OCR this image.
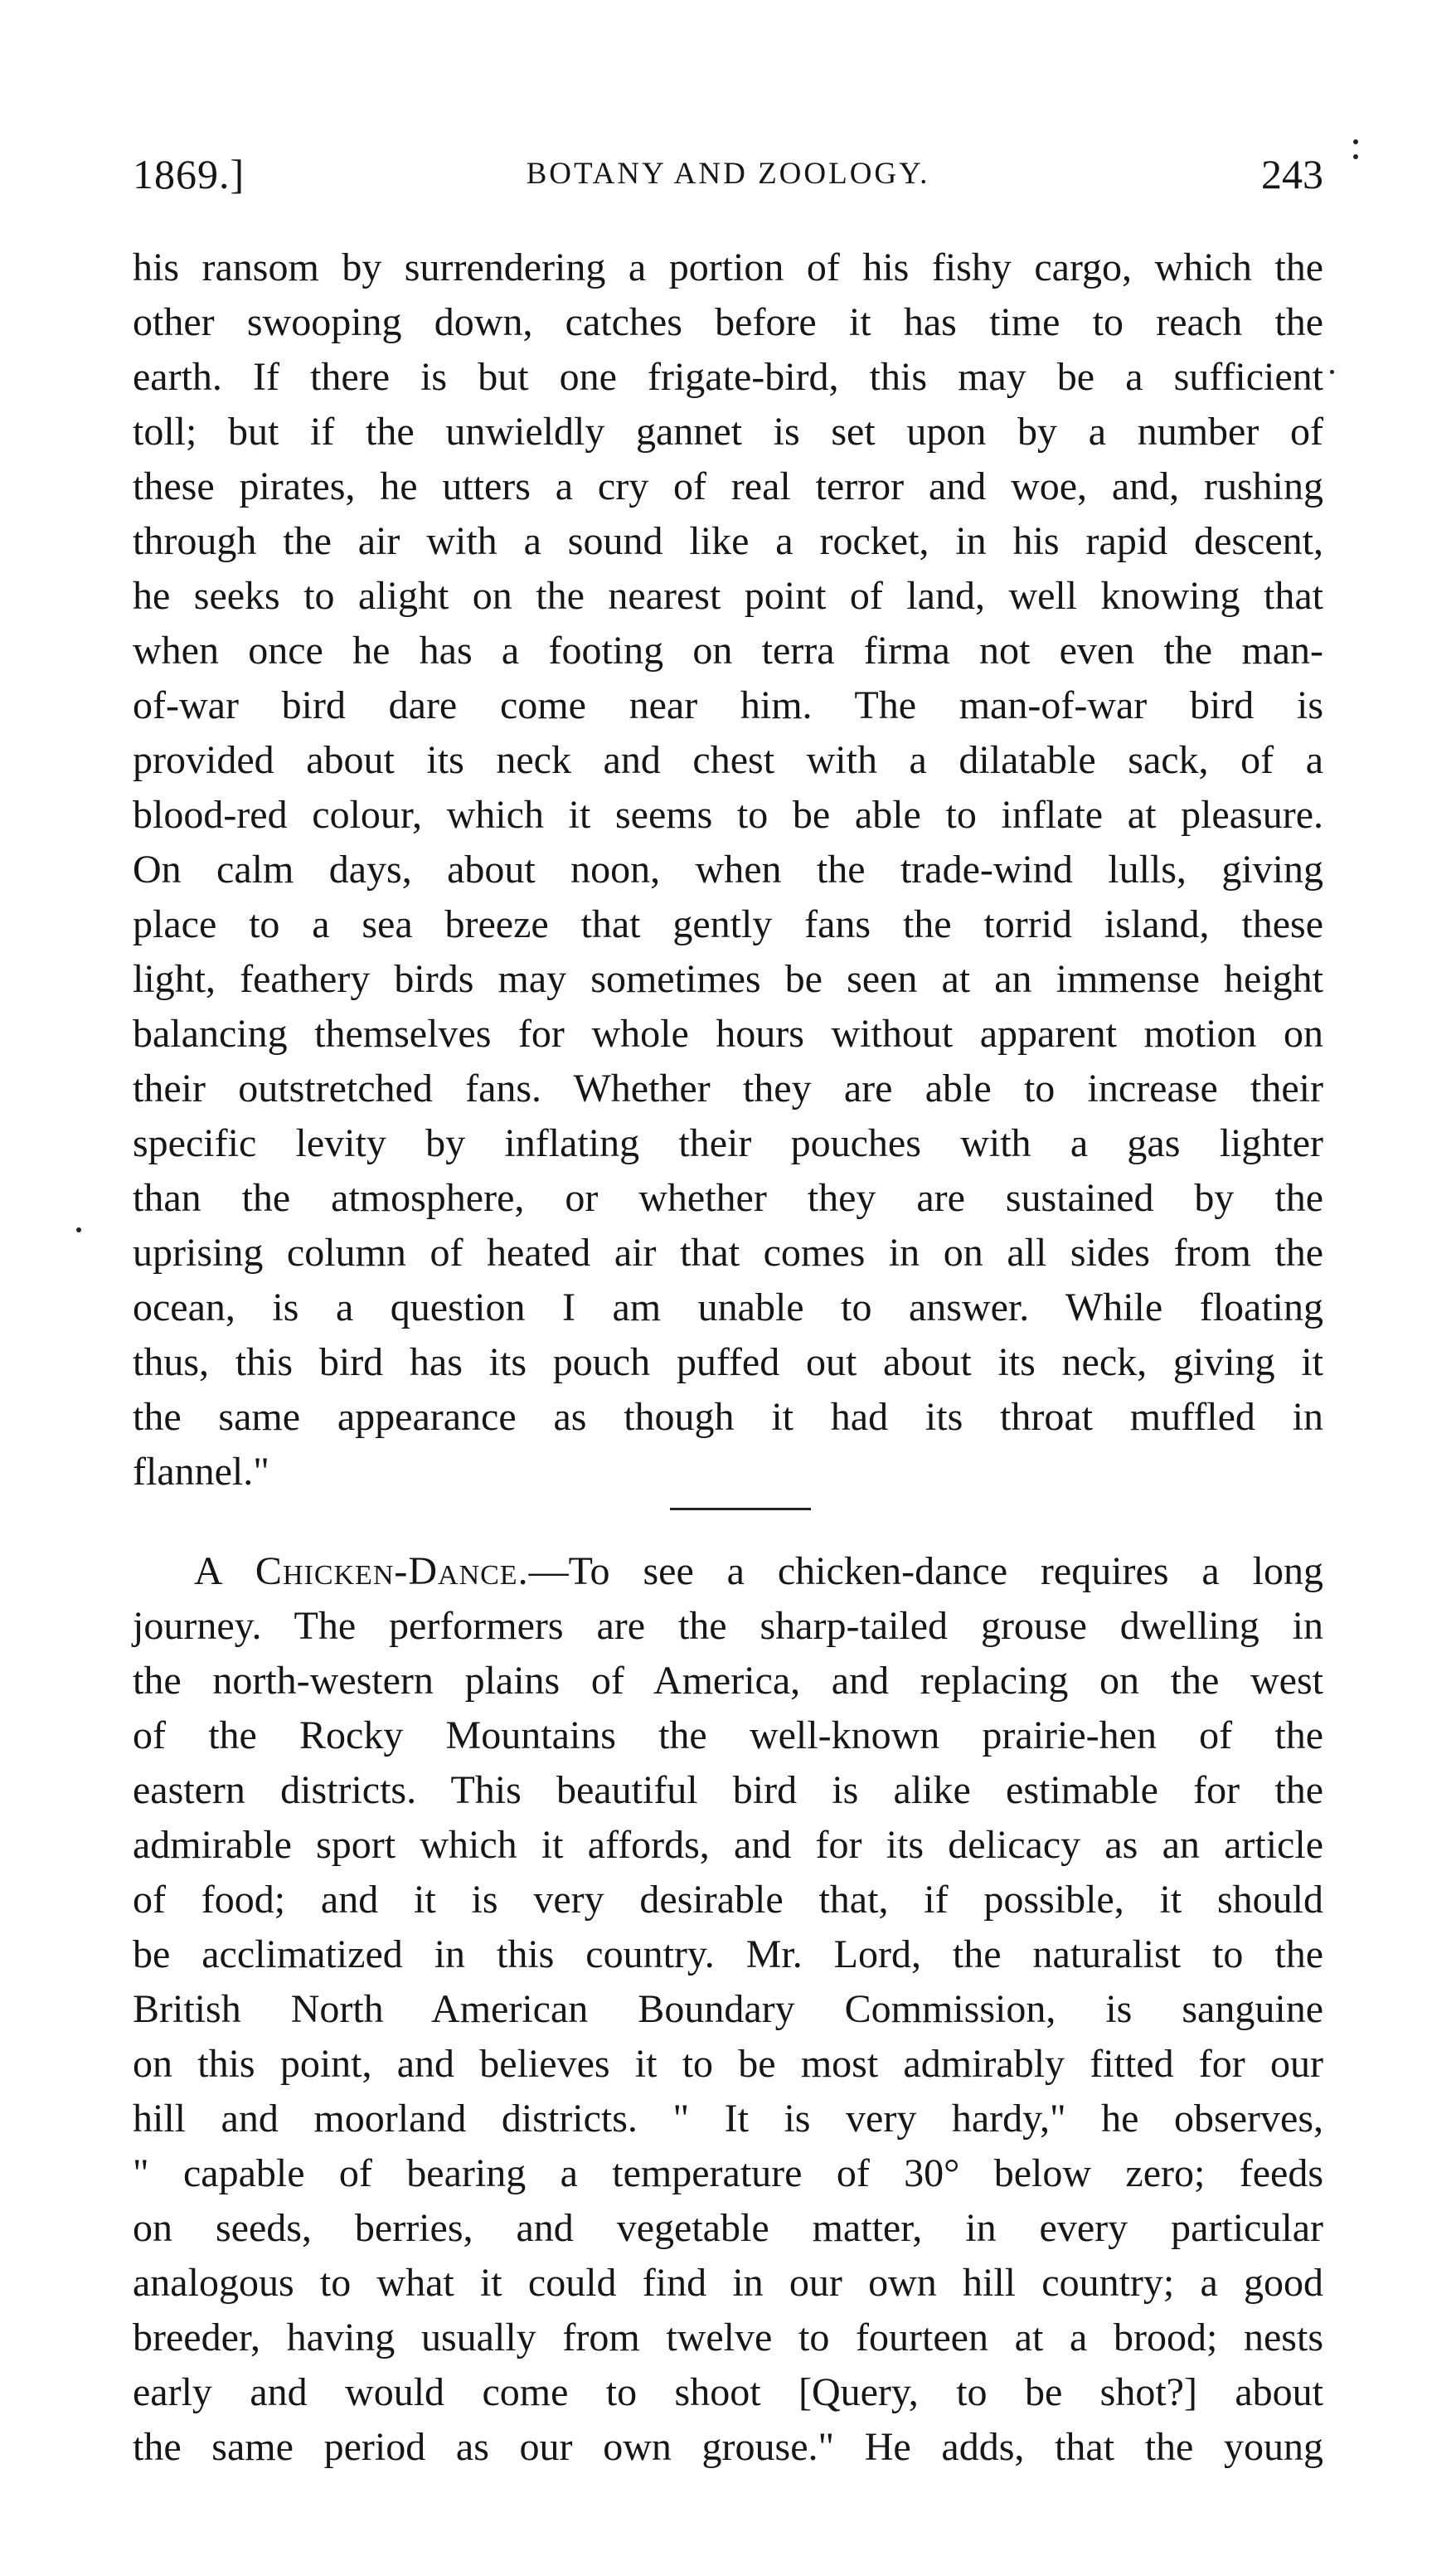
1869.]	BOTANY AND ZOOLOGY.	243
his ransom by surrendering a portion of his fishy cargo, which the
other swooping down, catches before it has time to reach the
earth. If there is but one frigate-bird, this may be a sufficient
toll; but if the unwieldly gannet is set upon by a number of
these pirates, he utters a cry of real terror and woe, and, rushing
through the air with a sound like a rocket, in his rapid descent,
he seeks to alight on the nearest point of land, well knowing that
when once he has a footing on terra firma not even the man-
of-war bird dare come near him. The man-of-war bird is
provided about its neck and chest with a dilatable sack, of a
blood-red colour, which it seems to be able to inflate at pleasure.
On calm days, about noon, when the trade-wind lulls, giving
place to a sea breeze that gently fans the torrid island, these
light, feathery birds may sometimes be seen at an immense height
balancing themselves for whole hours without apparent motion on
their outstretched fans. Whether they are able to increase their
specific levity by inflating their pouches with a gas lighter
than the atmosphere, or whether they are sustained by the
uprising column of heated air that comes in on all sides from the
ocean, is a question I am unable to answer. While floating
thus, this bird has its pouch puffed out about its neck, giving it
the same appearance as though it had its throat muffled in
flannel."
A Chicken-Dance.—To see a chicken-dance requires a long
journey. The performers are the sharp-tailed grouse dwelling in
the north-western plains of America, and replacing on the west
of the Rocky Mountains the well-known prairie-hen of the
eastern districts. This beautiful bird is alike estimable for the
admirable sport which it affords, and for its delicacy as an article
of food; and it is very desirable that, if possible, it should
be acclimatized in this country. Mr. Lord, the naturalist to the
British North American Boundary Commission, is sanguine
on this point, and believes it to be most admirably fitted for our
hill and moorland districts. " It is very hardy," he observes,
" capable of bearing a temperature of 30° below zero; feeds
on seeds, berries, and vegetable matter, in every particular
analogous to what it could find in our own hill country; a good
breeder, having usually from twelve to fourteen at a brood; nests
early and would come to shoot [Query, to be shot?] about
the same period as our own grouse." He adds, that the young
